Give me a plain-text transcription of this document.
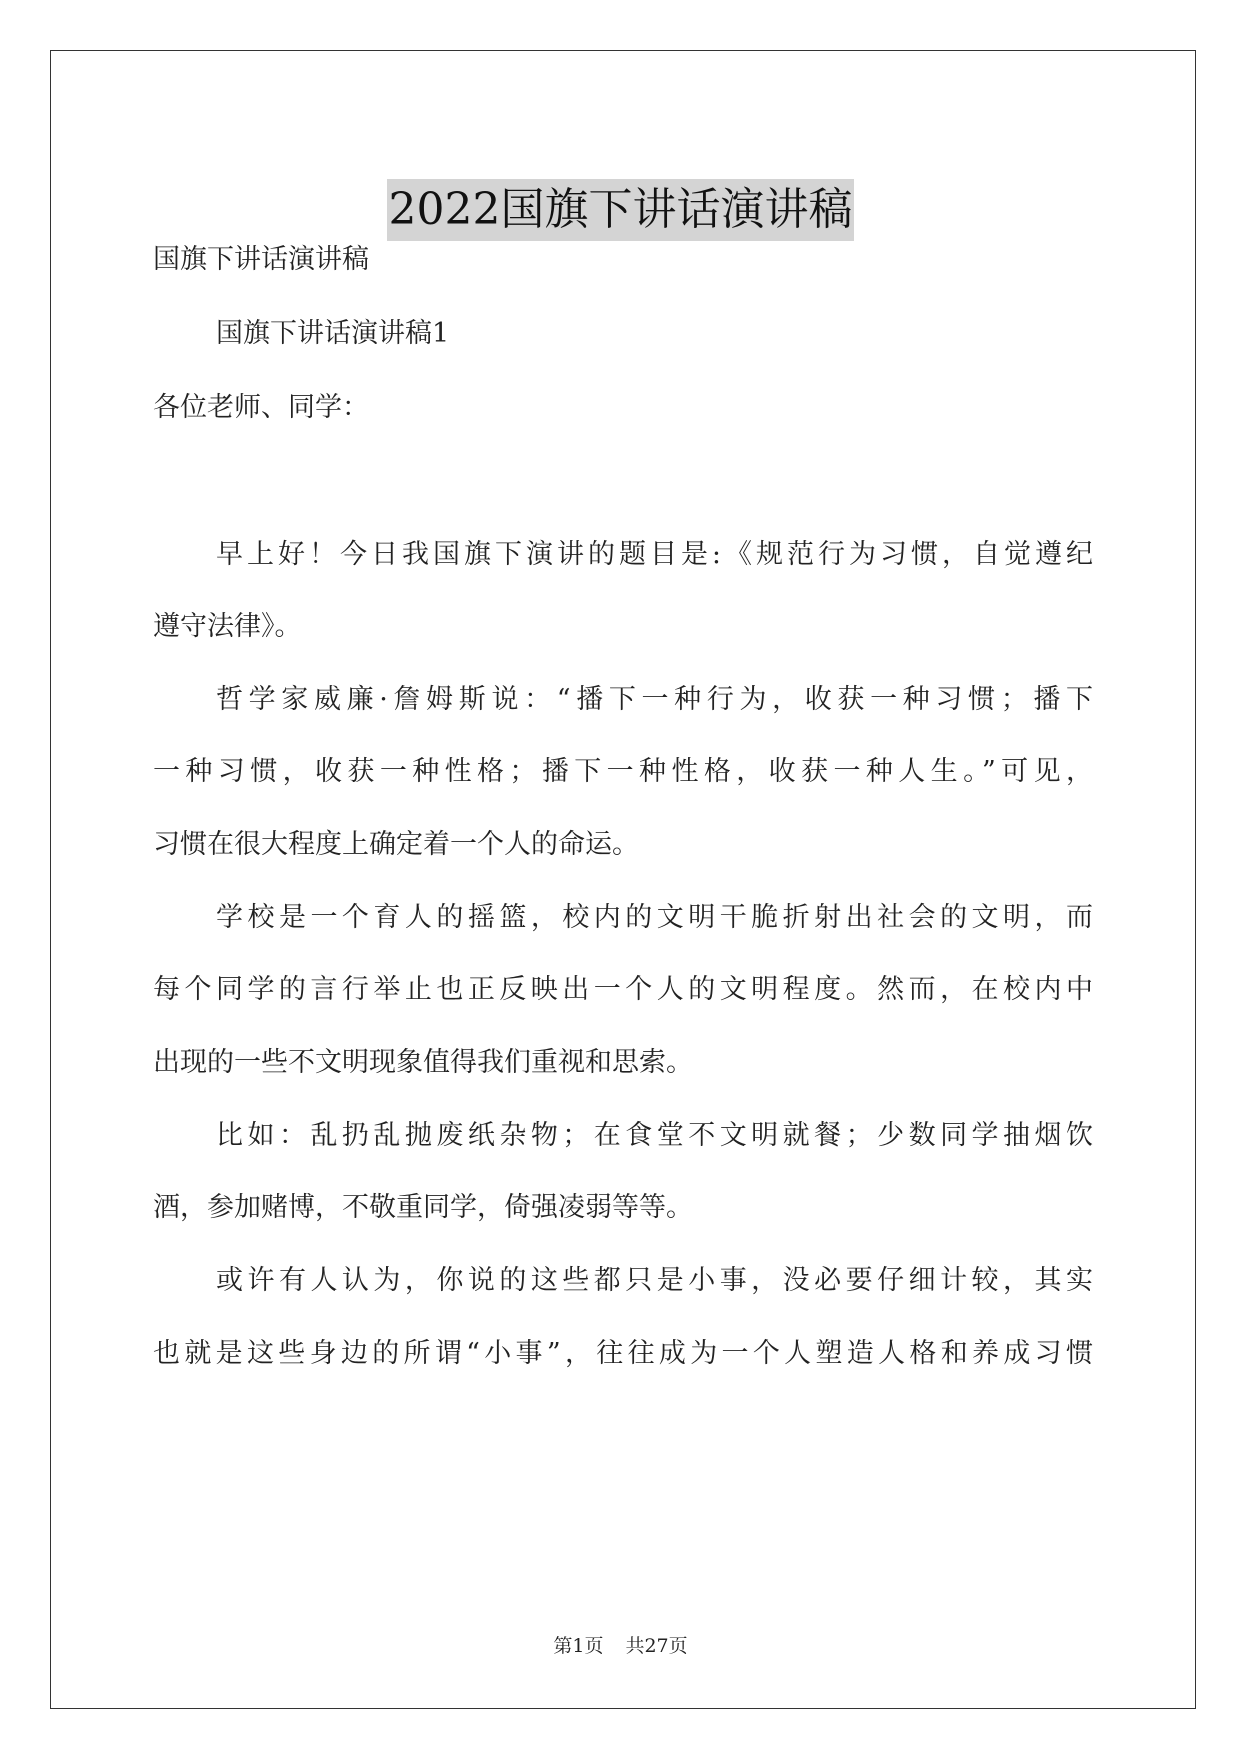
2022国旗下讲话演讲稿
国旗下讲话演讲稿
国旗下讲话演讲稿1
各位老师、同学：
早上好！今日我国旗下演讲的题目是:《规范行为习惯，自觉遵纪
遵守法律》。
哲学家威廉·詹姆斯说：“播下一种行为，收获一种习惯；播下
一种习惯，收获一种性格；播下一种性格，收获一种人生。”可见，
习惯在很大程度上确定着一个人的命运。
学校是一个育人的摇篮，校内的文明干脆折射出社会的文明，而
每个同学的言行举止也正反映出一个人的文明程度。然而，在校内中
出现的一些不文明现象值得我们重视和思索。
比如：乱扔乱抛废纸杂物；在食堂不文明就餐；少数同学抽烟饮
酒，参加赌博，不敬重同学，倚强凌弱等等。
或许有人认为，你说的这些都只是小事，没必要仔细计较，其实
也就是这些身边的所谓“小事”，往往成为一个人塑造人格和养成习惯
第1页 共27页
